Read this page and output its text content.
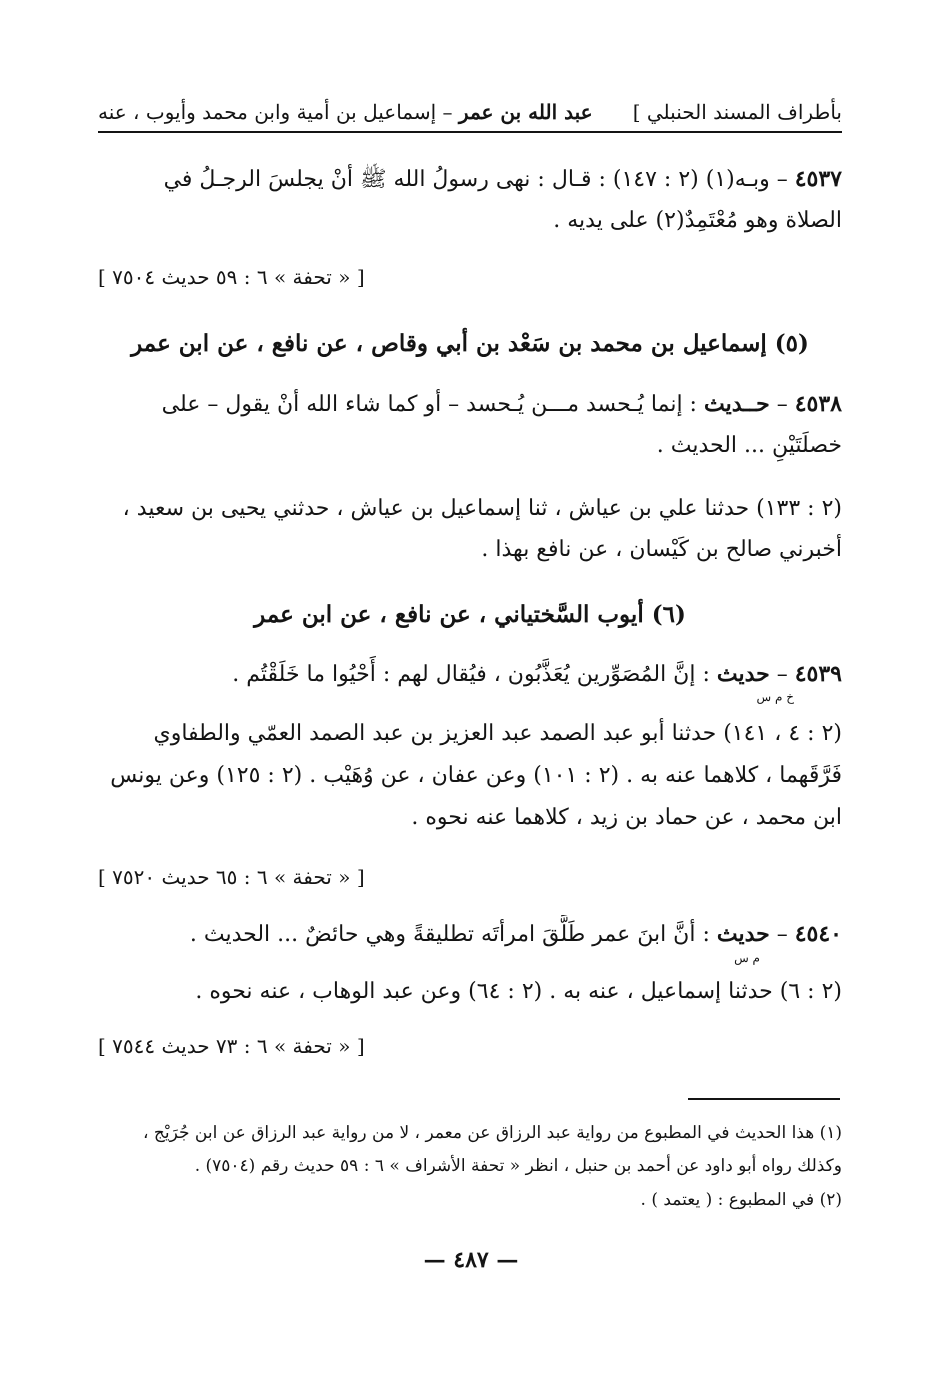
بأطراف المسند الحنبلي ]
عبد الله بن عمر – إسماعيل بن أمية وابن محمد وأيوب ، عنه
٤٥٣٧ – وبـه(١) (٢ : ١٤٧) : قـال : نهى رسولُ الله ﷺ أنْ يجلسَ الرجـلُ في
الصلاة وهو مُعْتَمِدٌ(٢) على يديه .
[ « تحفة » ٦ : ٥٩ حديث ٧٥٠٤ ]
(٥) إسماعيل بن محمد بن سَعْد بن أبي وقاص ، عن نافع ، عن ابن عمر
٤٥٣٨ – حــديث : إنما يُـحسد مـــن يُـحسد – أو كما شاء الله أنْ يقول – على
خصلَتَيْنِ ... الحديث .
(٢ : ١٣٣) حدثنا علي بن عياش ، ثنا إسماعيل بن عياش ، حدثني يحيى بن سعيد ،
أخبرني صالح بن كَيْسان ، عن نافع بهذا .
(٦) أيوب السَّختياني ، عن نافع ، عن ابن عمر
٤٥٣٩ – حديث : إنَّ المُصَوِّرين يُعَذَّبُون ، فيُقال لهم : أَحْيُوا ما خَلَقْتُم .
خ م س
(٢ : ٤ ، ١٤١) حدثنا أبو عبد الصمد عبد العزيز بن عبد الصمد العمّي والطفاوي
فَرَّقَهما ، كلاهما عنه به . (٢ : ١٠١) وعن عفان ، عن وُهَيْب . (٢ : ١٢٥) وعن يونس
ابن محمد ، عن حماد بن زيد ، كلاهما عنه نحوه .
[ « تحفة » ٦ : ٦٥ حديث ٧٥٢٠ ]
٤٥٤٠ – حديث : أنَّ ابنَ عمر طَلَّقَ امرأتَه تطليقةً وهي حائضٌ ... الحديث .
م س
(٢ : ٦) حدثنا إسماعيل ، عنه به . (٢ : ٦٤) وعن عبد الوهاب ، عنه نحوه .
[ « تحفة » ٦ : ٧٣ حديث ٧٥٤٤ ]
(١) هذا الحديث في المطبوع من رواية عبد الرزاق عن معمر ، لا من رواية عبد الرزاق عن ابن جُرَيْج ،
وكذلك رواه أبو داود عن أحمد بن حنبل ، انظر « تحفة الأشراف » ٦ : ٥٩ حديث رقم (٧٥٠٤) .
(٢) في المطبوع : ( يعتمد ) .
— ٤٨٧ —
